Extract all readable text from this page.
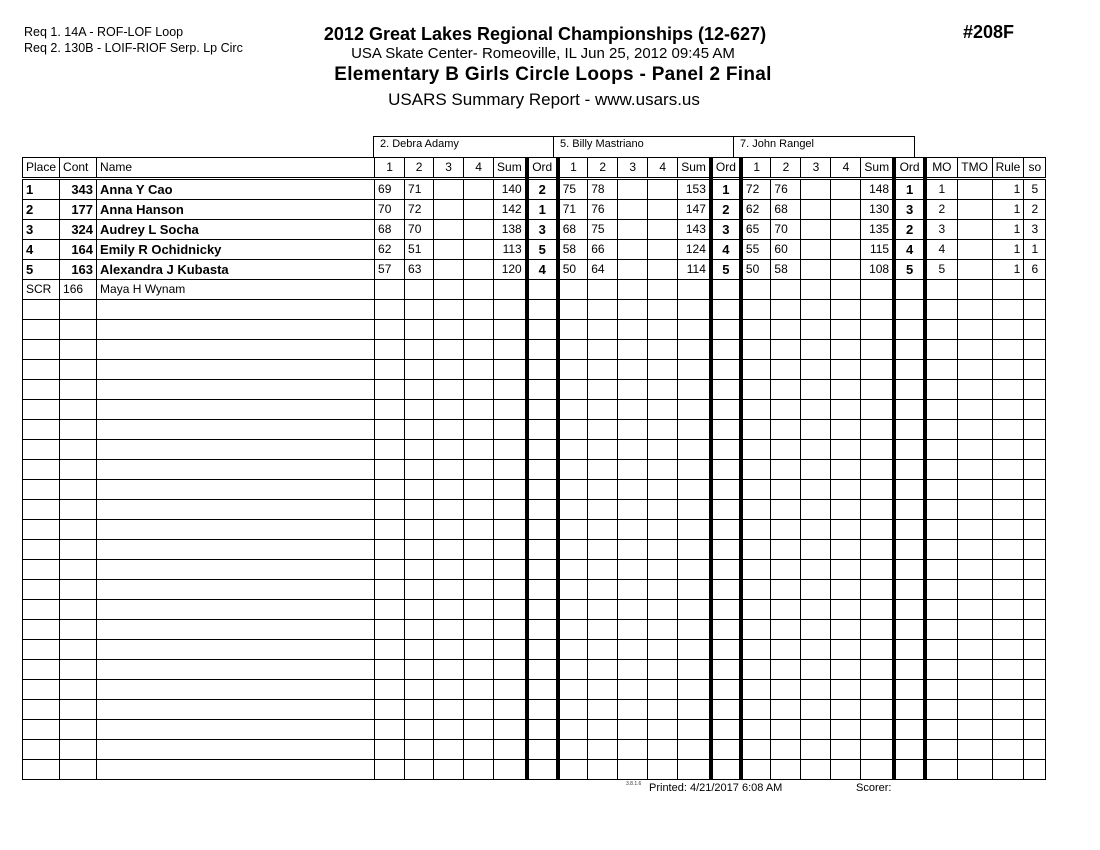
Req 1. 14A - ROF-LOF Loop
Req 2. 130B - LOIF-RIOF Serp. Lp Circ
2012 Great Lakes Regional Championships (12-627)
USA Skate Center- Romeoville, IL Jun 25, 2012 09:45 AM
Elementary B Girls Circle Loops - Panel 2 Final
USARS Summary Report - www.usars.us
#208F
2. Debra Adamy	5. Billy Mastriano	7. John Rangel
Place	Cont	Name	1	2	3	4	Sum	Ord	1	2	3	4	Sum	Ord	1	2	3	4	Sum	Ord	MO	TMO	Rule	so
1	343	Anna Y Cao	69	71			140	2	75	78			153	1	72	76			148	1	1		1	5
2	177	Anna Hanson	70	72			142	1	71	76			147	2	62	68			130	3	2		1	2
3	324	Audrey L Socha	68	70			138	3	68	75			143	3	65	70			135	2	3		1	3
4	164	Emily R Ochidnicky	62	51			113	5	58	66			124	4	55	60			115	4	4		1	1
5	163	Alexandra J Kubasta	57	63			120	4	50	64			114	5	50	58			108	5	5		1	6
SCR	166	Maya H Wynam																						

3.8.1.6 Printed: 4/21/2017 6:08 AM	Scorer:
